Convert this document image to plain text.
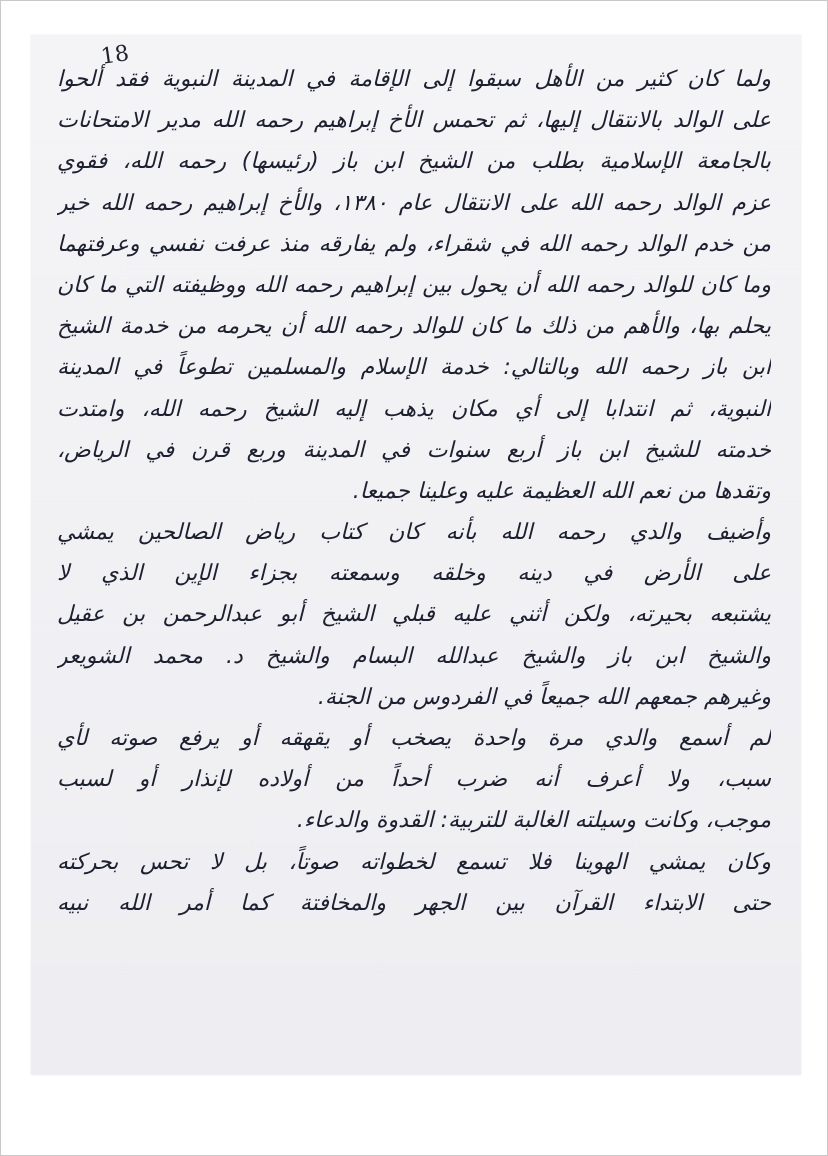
18
ولما كان كثير من الأهل سبقوا إلى الإقامة في المدينة النبوية فقد ألحوا
على الوالد بالانتقال إليها، ثم تحمس الأخ إبراهيم رحمه الله مدير الامتحانات
بالجامعة الإسلامية بطلب من الشيخ ابن باز (رئيسها) رحمه الله، فقوي
عزم الوالد رحمه الله على الانتقال عام ١٣٨٠، والأخ إبراهيم رحمه الله خير
من خدم الوالد رحمه الله في شقراء، ولم يفارقه منذ عرفت نفسي وعرفتهما
وما كان للوالد رحمه الله أن يحول بين إبراهيم رحمه الله ووظيفته التي ما كان
يحلم بها، والأهم من ذلك ما كان للوالد رحمه الله أن يحرمه من خدمة الشيخ
ابن باز رحمه الله وبالتالي: خدمة الإسلام والمسلمين تطوعاً في المدينة
النبوية، ثم انتدابا إلى أي مكان يذهب إليه الشيخ رحمه الله، وامتدت
خدمته للشيخ ابن باز أربع سنوات في المدينة وربع قرن في الرياض،
وتقدها من نعم الله العظيمة عليه وعلينا جميعا.
وأضيف والدي رحمه الله بأنه كان كتاب رياض الصالحين يمشي
على الأرض في دينه وخلقه وسمعته بجزاء الإين الذي لا
يشتبعه بحيرته، ولكن أثني عليه قبلي الشيخ أبو عبدالرحمن بن عقيل
والشيخ ابن باز والشيخ عبدالله البسام والشيخ د. محمد الشويعر
وغيرهم جمعهم الله جميعاً في الفردوس من الجنة.
لم أسمع والدي مرة واحدة يصخب أو يقهقه أو يرفع صوته لأي
سبب، ولا أعرف أنه ضرب أحداً من أولاده لإنذار أو لسبب
موجب، وكانت وسيلته الغالبة للتربية: القدوة والدعاء.
وكان يمشي الهوينا فلا تسمع لخطواته صوتاً، بل لا تحس بحركته
حتى الابتداء القرآن بين الجهر والمخافتة كما أمر الله نبيه
